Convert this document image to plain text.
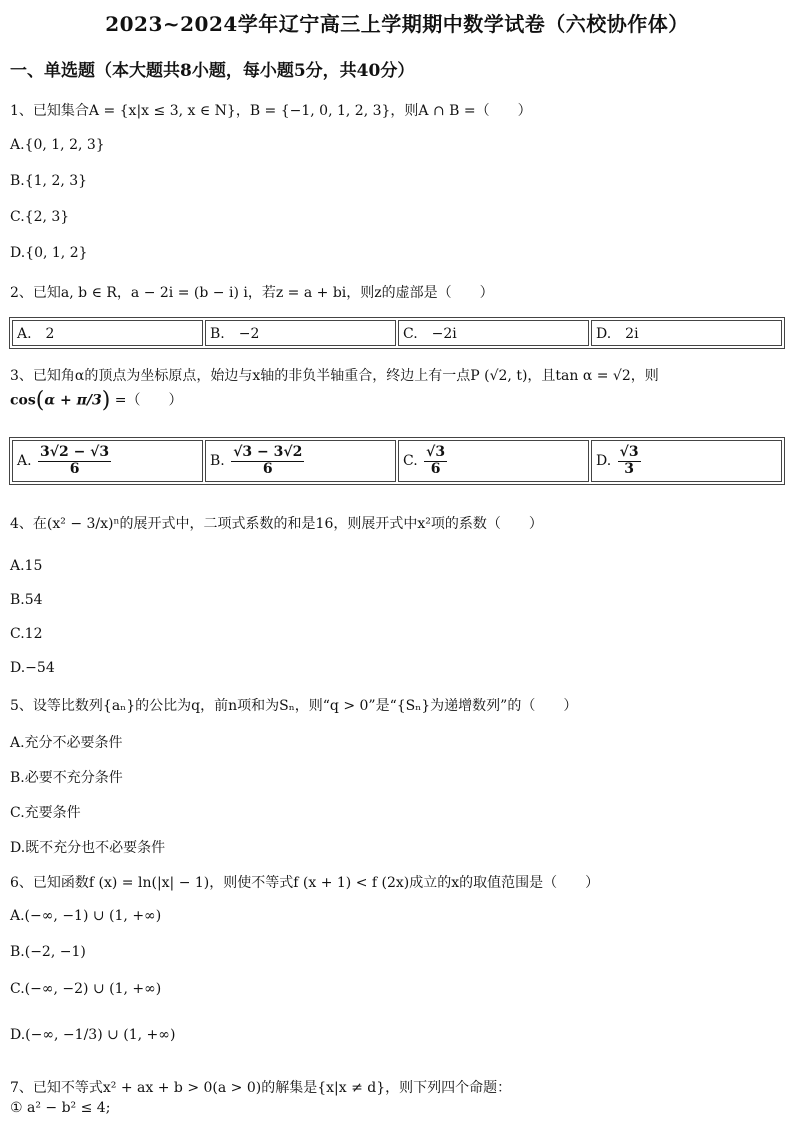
2023~2024学年辽宁高三上学期期中数学试卷（六校协作体）
一、单选题（本大题共8小题，每小题5分，共40分）
1、已知集合A = {x|x ≤ 3, x ∈ N}，B = {−1, 0, 1, 2, 3}，则A ∩ B =（　　）
A.{0, 1, 2, 3}
B.{1, 2, 3}
C.{2, 3}
D.{0, 1, 2}
2、已知a, b ∈ R，a − 2i = (b − i) i，若z = a + bi，则z的虚部是（　　）
A.　2	B.　−2	C.　−2i	D.　2i
3、已知角α的顶点为坐标原点，始边与x轴的非负半轴重合，终边上有一点P (√2, t)，且tan α = √2，则
cos(α + π/3) =（　　）
A. $\frac{3√2 - √3}{6}$	B. $\frac{√3 - 3√2}{6}$	C. $\frac{√3}{6}$	D. $\frac{√3}{3}$
4、在(x² − 3/x)ⁿ的展开式中，二项式系数的和是16，则展开式中x²项的系数（　　）
A.15
B.54
C.12
D.−54
5、设等比数列{aₙ}的公比为q，前n项和为Sₙ，则“q > 0”是“{Sₙ}为递增数列”的（　　）
A.充分不必要条件
B.必要不充分条件
C.充要条件
D.既不充分也不必要条件
6、已知函数f (x) = ln(|x| − 1)，则使不等式f (x + 1) < f (2x)成立的x的取值范围是（　　）
A.(−∞, −1) ∪ (1, +∞)
B.(−2, −1)
C.(−∞, −2) ∪ (1, +∞)
D.(−∞, −1/3) ∪ (1, +∞)
7、已知不等式x² + ax + b > 0(a > 0)的解集是{x|x ≠ d}，则下列四个命题：
① a² − b² ≤ 4;
